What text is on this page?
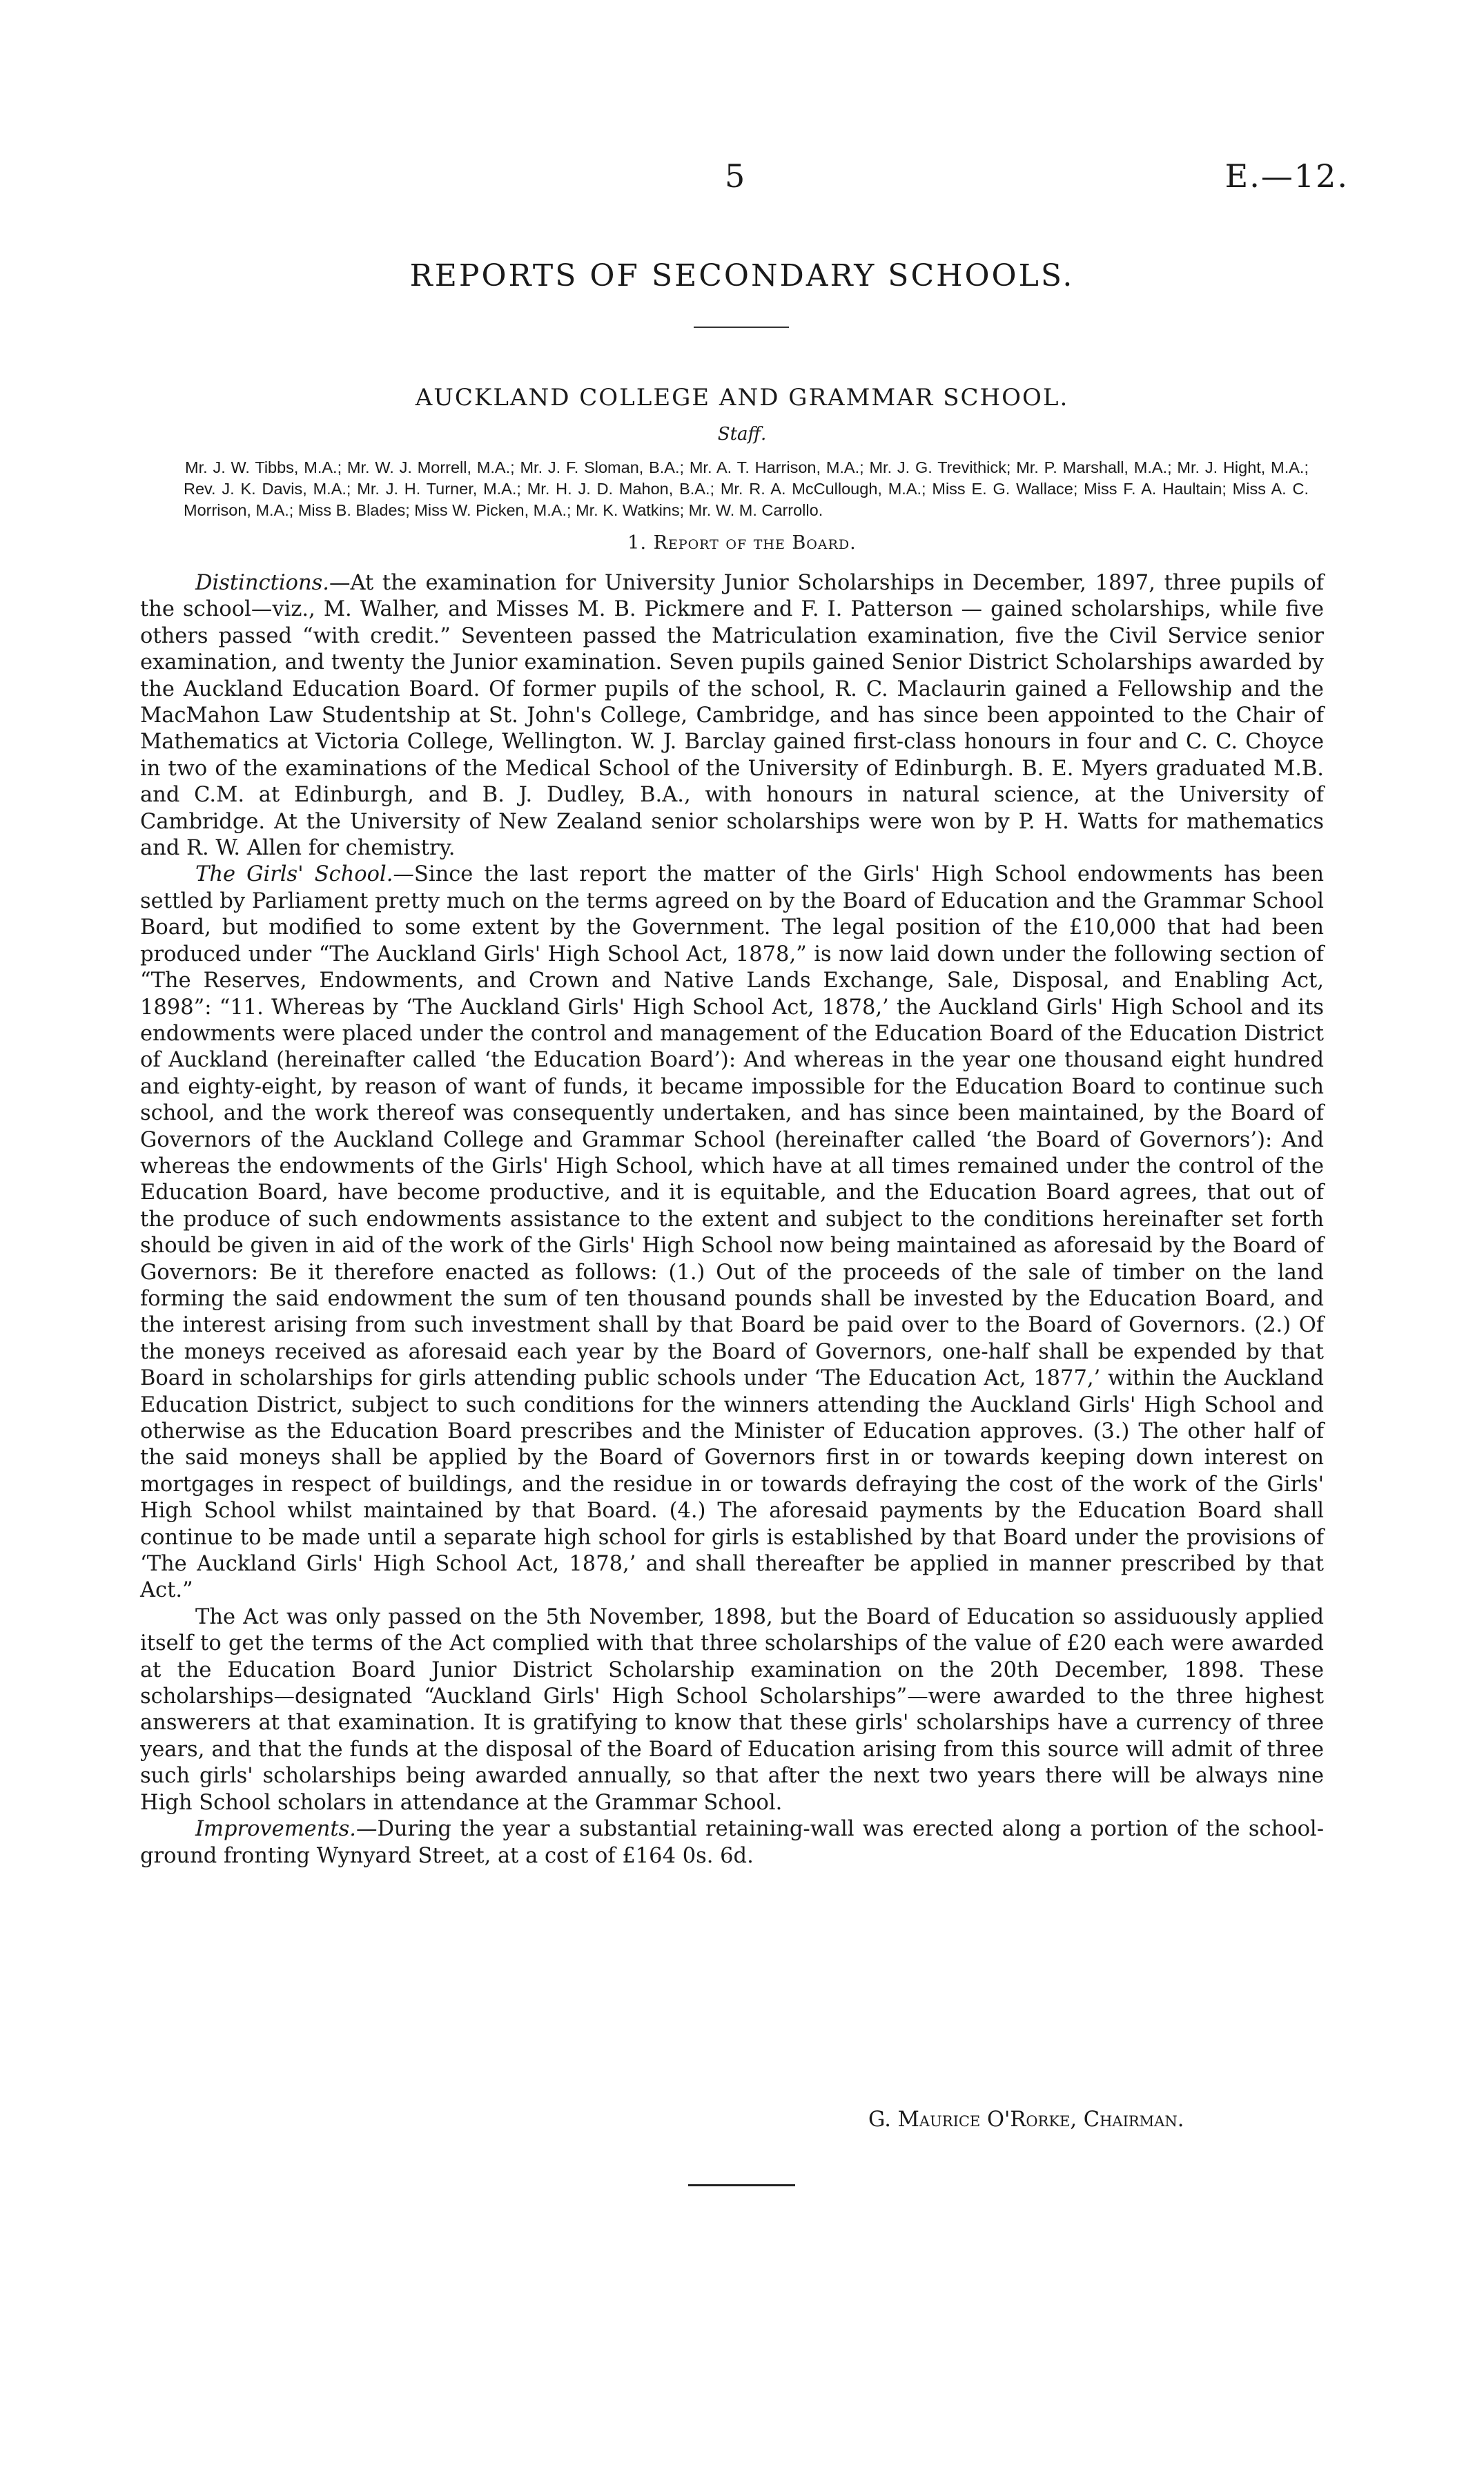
5	E.—12.
REPORTS OF SECONDARY SCHOOLS.
AUCKLAND COLLEGE AND GRAMMAR SCHOOL.
Staff.
Mr. J. W. Tibbs, M.A.; Mr. W. J. Morrell, M.A.; Mr. J. F. Sloman, B.A.; Mr. A. T. Harrison, M.A.; Mr. J. G. Trevithick; Mr. P. Marshall, M.A.; Mr. J. Hight, M.A.; Rev. J. K. Davis, M.A.; Mr. J. H. Turner, M.A.; Mr. H. J. D. Mahon, B.A.; Mr. R. A. McCullough, M.A.; Miss E. G. Wallace; Miss F. A. Haultain; Miss A. C. Morrison, M.A.; Miss B. Blades; Miss W. Picken, M.A.; Mr. K. Watkins; Mr. W. M. Carrollo.
1. Report of the Board.

Distinctions.—At the examination for University Junior Scholarships in December, 1897, three pupils of the school—viz., M. Walher, and Misses M. B. Pickmere and F. I. Patterson — gained scholarships, while five others passed “with credit.” Seventeen passed the Matriculation examination, five the Civil Service senior examination, and twenty the Junior examination. Seven pupils gained Senior District Scholarships awarded by the Auckland Education Board. Of former pupils of the school, R. C. Maclaurin gained a Fellowship and the MacMahon Law Studentship at St. John's College, Cambridge, and has since been appointed to the Chair of Mathematics at Victoria College, Wellington. W. J. Barclay gained first-class honours in four and C. C. Choyce in two of the examinations of the Medical School of the University of Edinburgh. B. E. Myers graduated M.B. and C.M. at Edinburgh, and B. J. Dudley, B.A., with honours in natural science, at the University of Cambridge. At the University of New Zealand senior scholarships were won by P. H. Watts for mathematics and R. W. Allen for chemistry.

The Girls' School.—Since the last report the matter of the Girls' High School endowments has been settled by Parliament pretty much on the terms agreed on by the Board of Education and the Grammar School Board, but modified to some extent by the Government. The legal position of the £10,000 that had been produced under “The Auckland Girls' High School Act, 1878,” is now laid down under the following section of “The Reserves, Endowments, and Crown and Native Lands Exchange, Sale, Disposal, and Enabling Act, 1898”: “11. Whereas by ‘The Auckland Girls' High School Act, 1878,’ the Auckland Girls' High School and its endowments were placed under the control and management of the Education Board of the Education District of Auckland (hereinafter called ‘the Education Board’): And whereas in the year one thousand eight hundred and eighty-eight, by reason of want of funds, it became impossible for the Education Board to continue such school, and the work thereof was consequently undertaken, and has since been maintained, by the Board of Governors of the Auckland College and Grammar School (hereinafter called ‘the Board of Governors’): And whereas the endowments of the Girls' High School, which have at all times remained under the control of the Education Board, have become productive, and it is equitable, and the Education Board agrees, that out of the produce of such endowments assistance to the extent and subject to the conditions hereinafter set forth should be given in aid of the work of the Girls' High School now being maintained as aforesaid by the Board of Governors: Be it therefore enacted as follows: (1.) Out of the proceeds of the sale of timber on the land forming the said endowment the sum of ten thousand pounds shall be invested by the Education Board, and the interest arising from such investment shall by that Board be paid over to the Board of Governors. (2.) Of the moneys received as aforesaid each year by the Board of Governors, one-half shall be expended by that Board in scholarships for girls attending public schools under ‘The Education Act, 1877,’ within the Auckland Education District, subject to such conditions for the winners attending the Auckland Girls' High School and otherwise as the Education Board prescribes and the Minister of Education approves. (3.) The other half of the said moneys shall be applied by the Board of Governors first in or towards keeping down interest on mortgages in respect of buildings, and the residue in or towards defraying the cost of the work of the Girls' High School whilst maintained by that Board. (4.) The aforesaid payments by the Education Board shall continue to be made until a separate high school for girls is established by that Board under the provisions of ‘The Auckland Girls' High School Act, 1878,’ and shall thereafter be applied in manner prescribed by that Act.”

The Act was only passed on the 5th November, 1898, but the Board of Education so assiduously applied itself to get the terms of the Act complied with that three scholarships of the value of £20 each were awarded at the Education Board Junior District Scholarship examination on the 20th December, 1898. These scholarships—designated “Auckland Girls' High School Scholarships”—were awarded to the three highest answerers at that examination. It is gratifying to know that these girls' scholarships have a currency of three years, and that the funds at the disposal of the Board of Education arising from this source will admit of three such girls' scholarships being awarded annually, so that after the next two years there will be always nine High School scholars in attendance at the Grammar School.

Improvements.—During the year a substantial retaining-wall was erected along a portion of the school-ground fronting Wynyard Street, at a cost of £164 0s. 6d.

G. Maurice O'Rorke, Chairman.
